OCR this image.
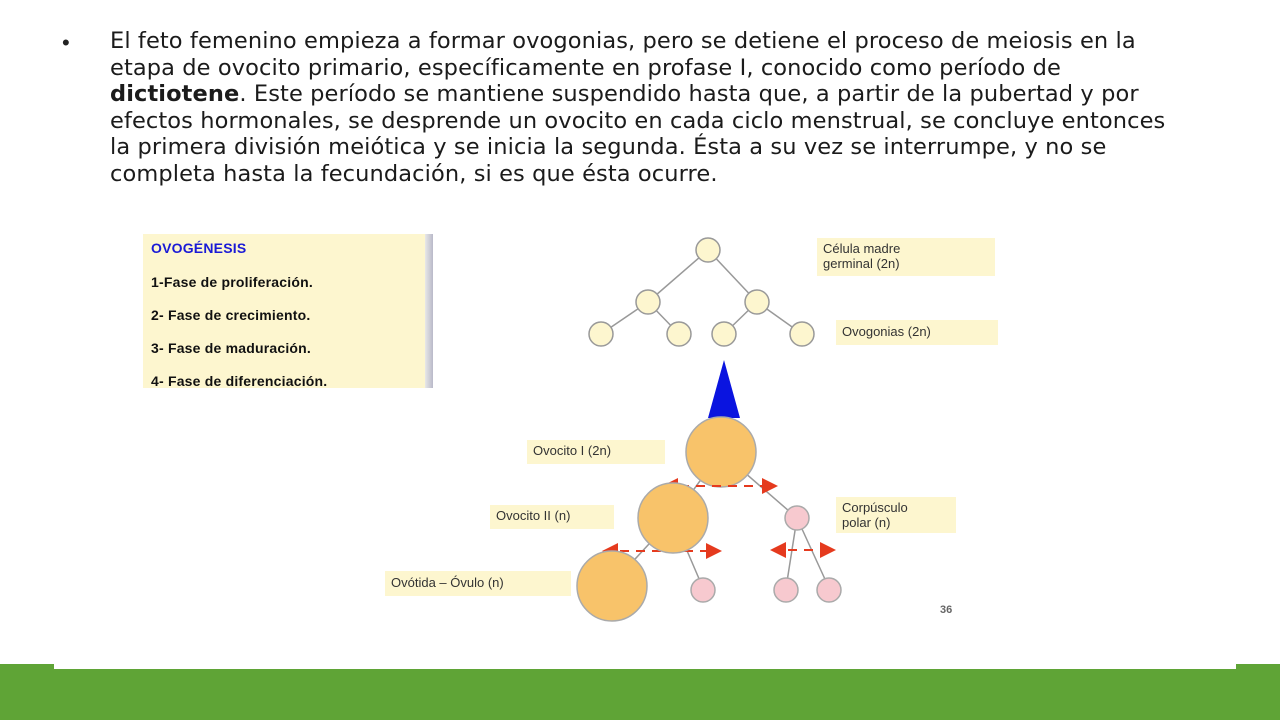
• El feto femenino empieza a formar ovogonias, pero se detiene el proceso de meiosis en la etapa de ovocito primario, específicamente en profase I, conocido como período de dictiotene. Este período se mantiene suspendido hasta que, a partir de la pubertad y por efectos hormonales, se desprende un ovocito en cada ciclo menstrual, se concluye entonces la primera división meiótica y se inicia la segunda. Ésta a su vez se interrumpe, y no se completa hasta la fecundación, si es que ésta ocurre.
OVOGÉNESIS
1-Fase de proliferación.
2- Fase de crecimiento.
3- Fase de maduración.
4- Fase de diferenciación.
Célula madre
germinal (2n)
Ovogonias (2n)
Ovocito I (2n)
Ovocito II (n)
Corpúsculo
polar (n)
Ovótida – Óvulo (n)
36
